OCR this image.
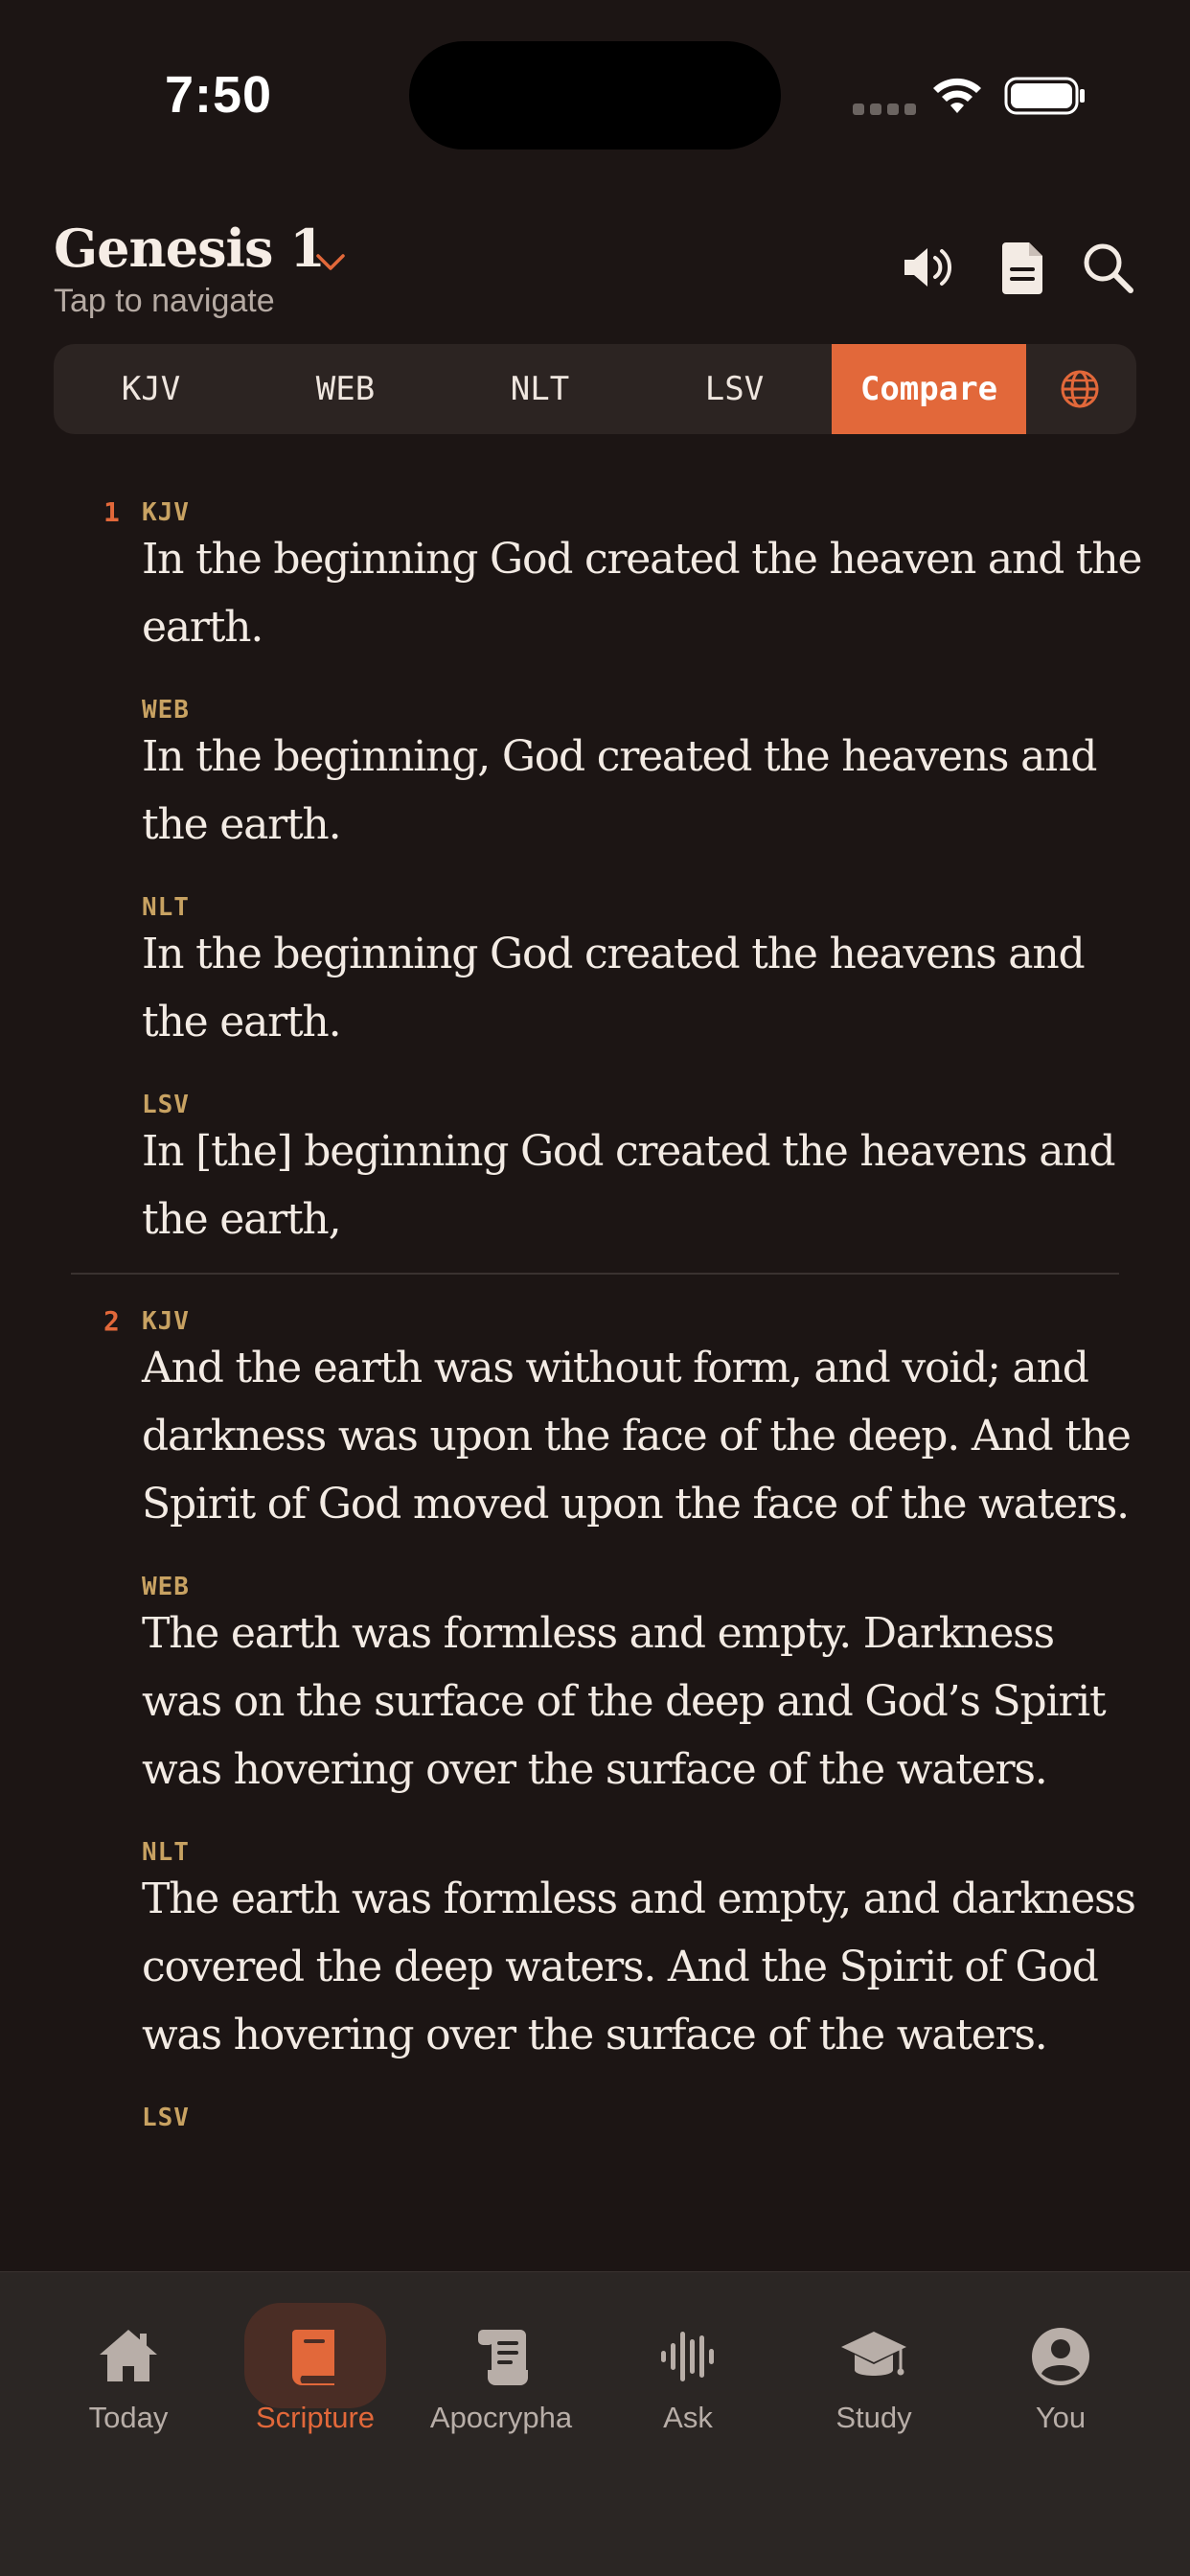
7:50
Genesis 1
Tap to navigate
KJV	WEB	NLT	LSV	Compare
1 KJV
In the beginning God created the heaven and the earth.
WEB
In the beginning, God created the heavens and the earth.
NLT
In the beginning God created the heavens and the earth.
LSV
In [the] beginning God created the heavens and the earth,
2 KJV
And the earth was without form, and void; and darkness was upon the face of the deep. And the Spirit of God moved upon the face of the waters.
WEB
The earth was formless and empty. Darkness was on the surface of the deep and God’s Spirit was hovering over the surface of the waters.
NLT
The earth was formless and empty, and darkness covered the deep waters. And the Spirit of God was hovering over the surface of the waters.
LSV
Today	Scripture Apocrypha	Ask	Study	You
